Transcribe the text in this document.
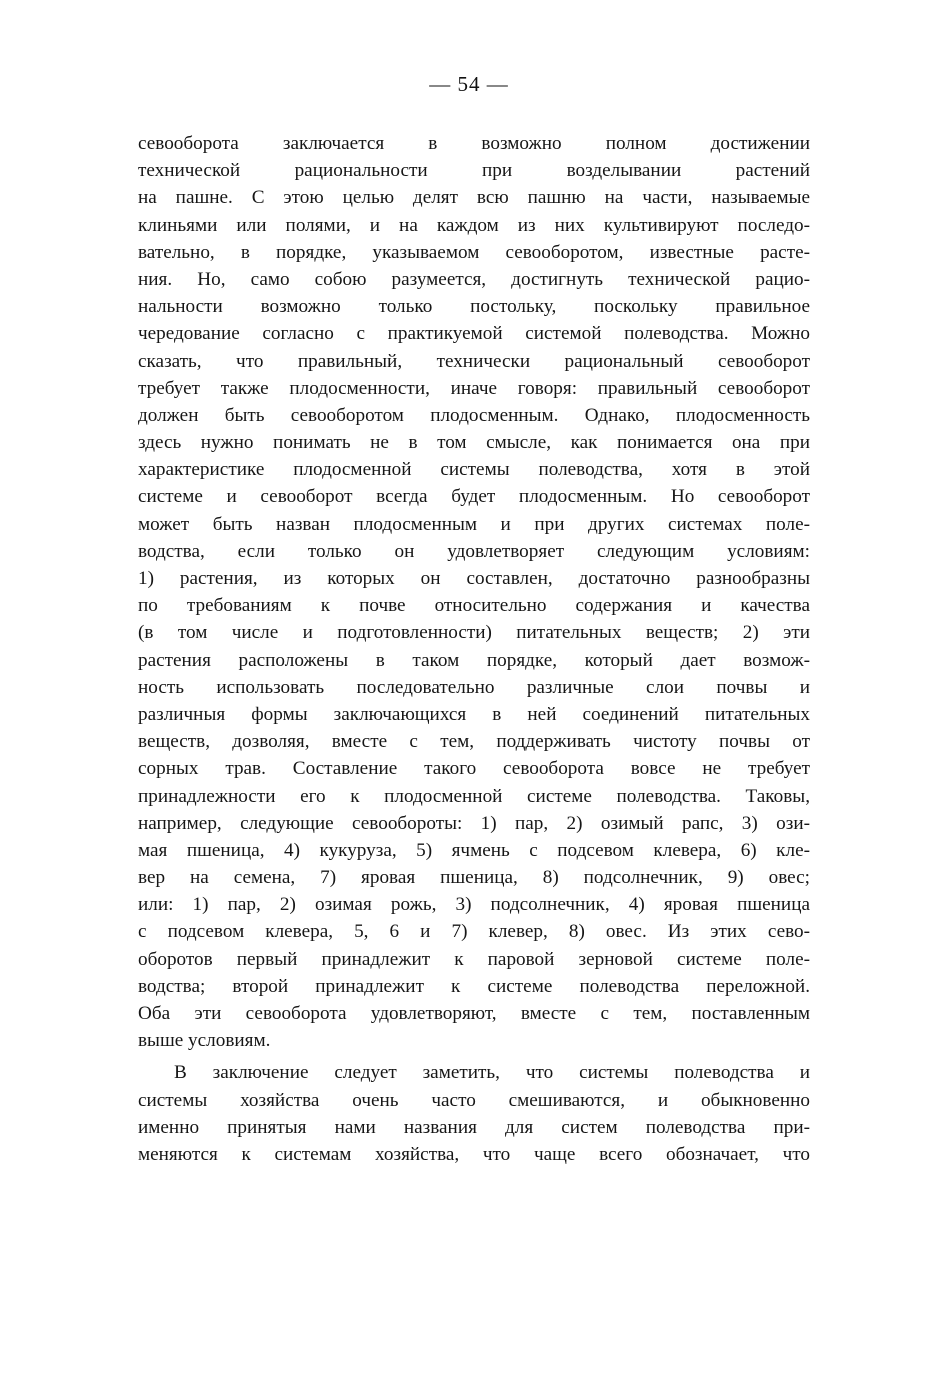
— 54 —
севооборота заключается в возможно полном достижении
технической рациональности при возделывании растений
на пашне. С этою целью делят всю пашню на части, называемые
клиньями или полями, и на каждом из них культивируют последо-
вательно, в порядке, указываемом севооборотом, известные расте-
ния. Но, само собою разумеется, достигнуть технической рацио-
нальности возможно только постольку, поскольку правильное
чередование согласно с практикуемой системой полеводства. Можно
сказать, что правильный, технически рациональный севооборот
требует также плодосменности, иначе говоря: правильный севооборот
должен быть севооборотом плодосменным. Однако, плодосменность
здесь нужно понимать не в том смысле, как понимается она при
характеристике плодосменной системы полеводства, хотя в этой
системе и севооборот всегда будет плодосменным. Но севооборот
может быть назван плодосменным и при других системах поле-
водства, если только он удовлетворяет следующим условиям:
1) растения, из которых он составлен, достаточно разнообразны
по требованиям к почве относительно содержания и качества
(в том числе и подготовленности) питательных веществ; 2) эти
растения расположены в таком порядке, который дает возмож-
ность использовать последовательно различные слои почвы и
различныя формы заключающихся в ней соединений питательных
веществ, дозволяя, вместе с тем, поддерживать чистоту почвы от
сорных трав. Составление такого севооборота вовсе не требует
принадлежности его к плодосменной системе полеводства. Таковы,
например, следующие севообороты: 1) пар, 2) озимый рапс, 3) ози-
мая пшеница, 4) кукуруза, 5) ячмень с подсевом клевера, 6) кле-
вер на семена, 7) яровая пшеница, 8) подсолнечник, 9) овес;
или: 1) пар, 2) озимая рожь, 3) подсолнечник, 4) яровая пшеница
с подсевом клевера, 5, 6 и 7) клевер, 8) овес. Из этих сево-
оборотов первый принадлежит к паровой зерновой системе поле-
водства; второй принадлежит к системе полеводства переложной.
Оба эти севооборота удовлетворяют, вместе с тем, поставленным
выше условиям.
В заключение следует заметить, что системы полеводства и
системы хозяйства очень часто смешиваются, и обыкновенно
именно принятыя нами названия для систем полеводства при-
меняются к системам хозяйства, что чаще всего обозначает, что
